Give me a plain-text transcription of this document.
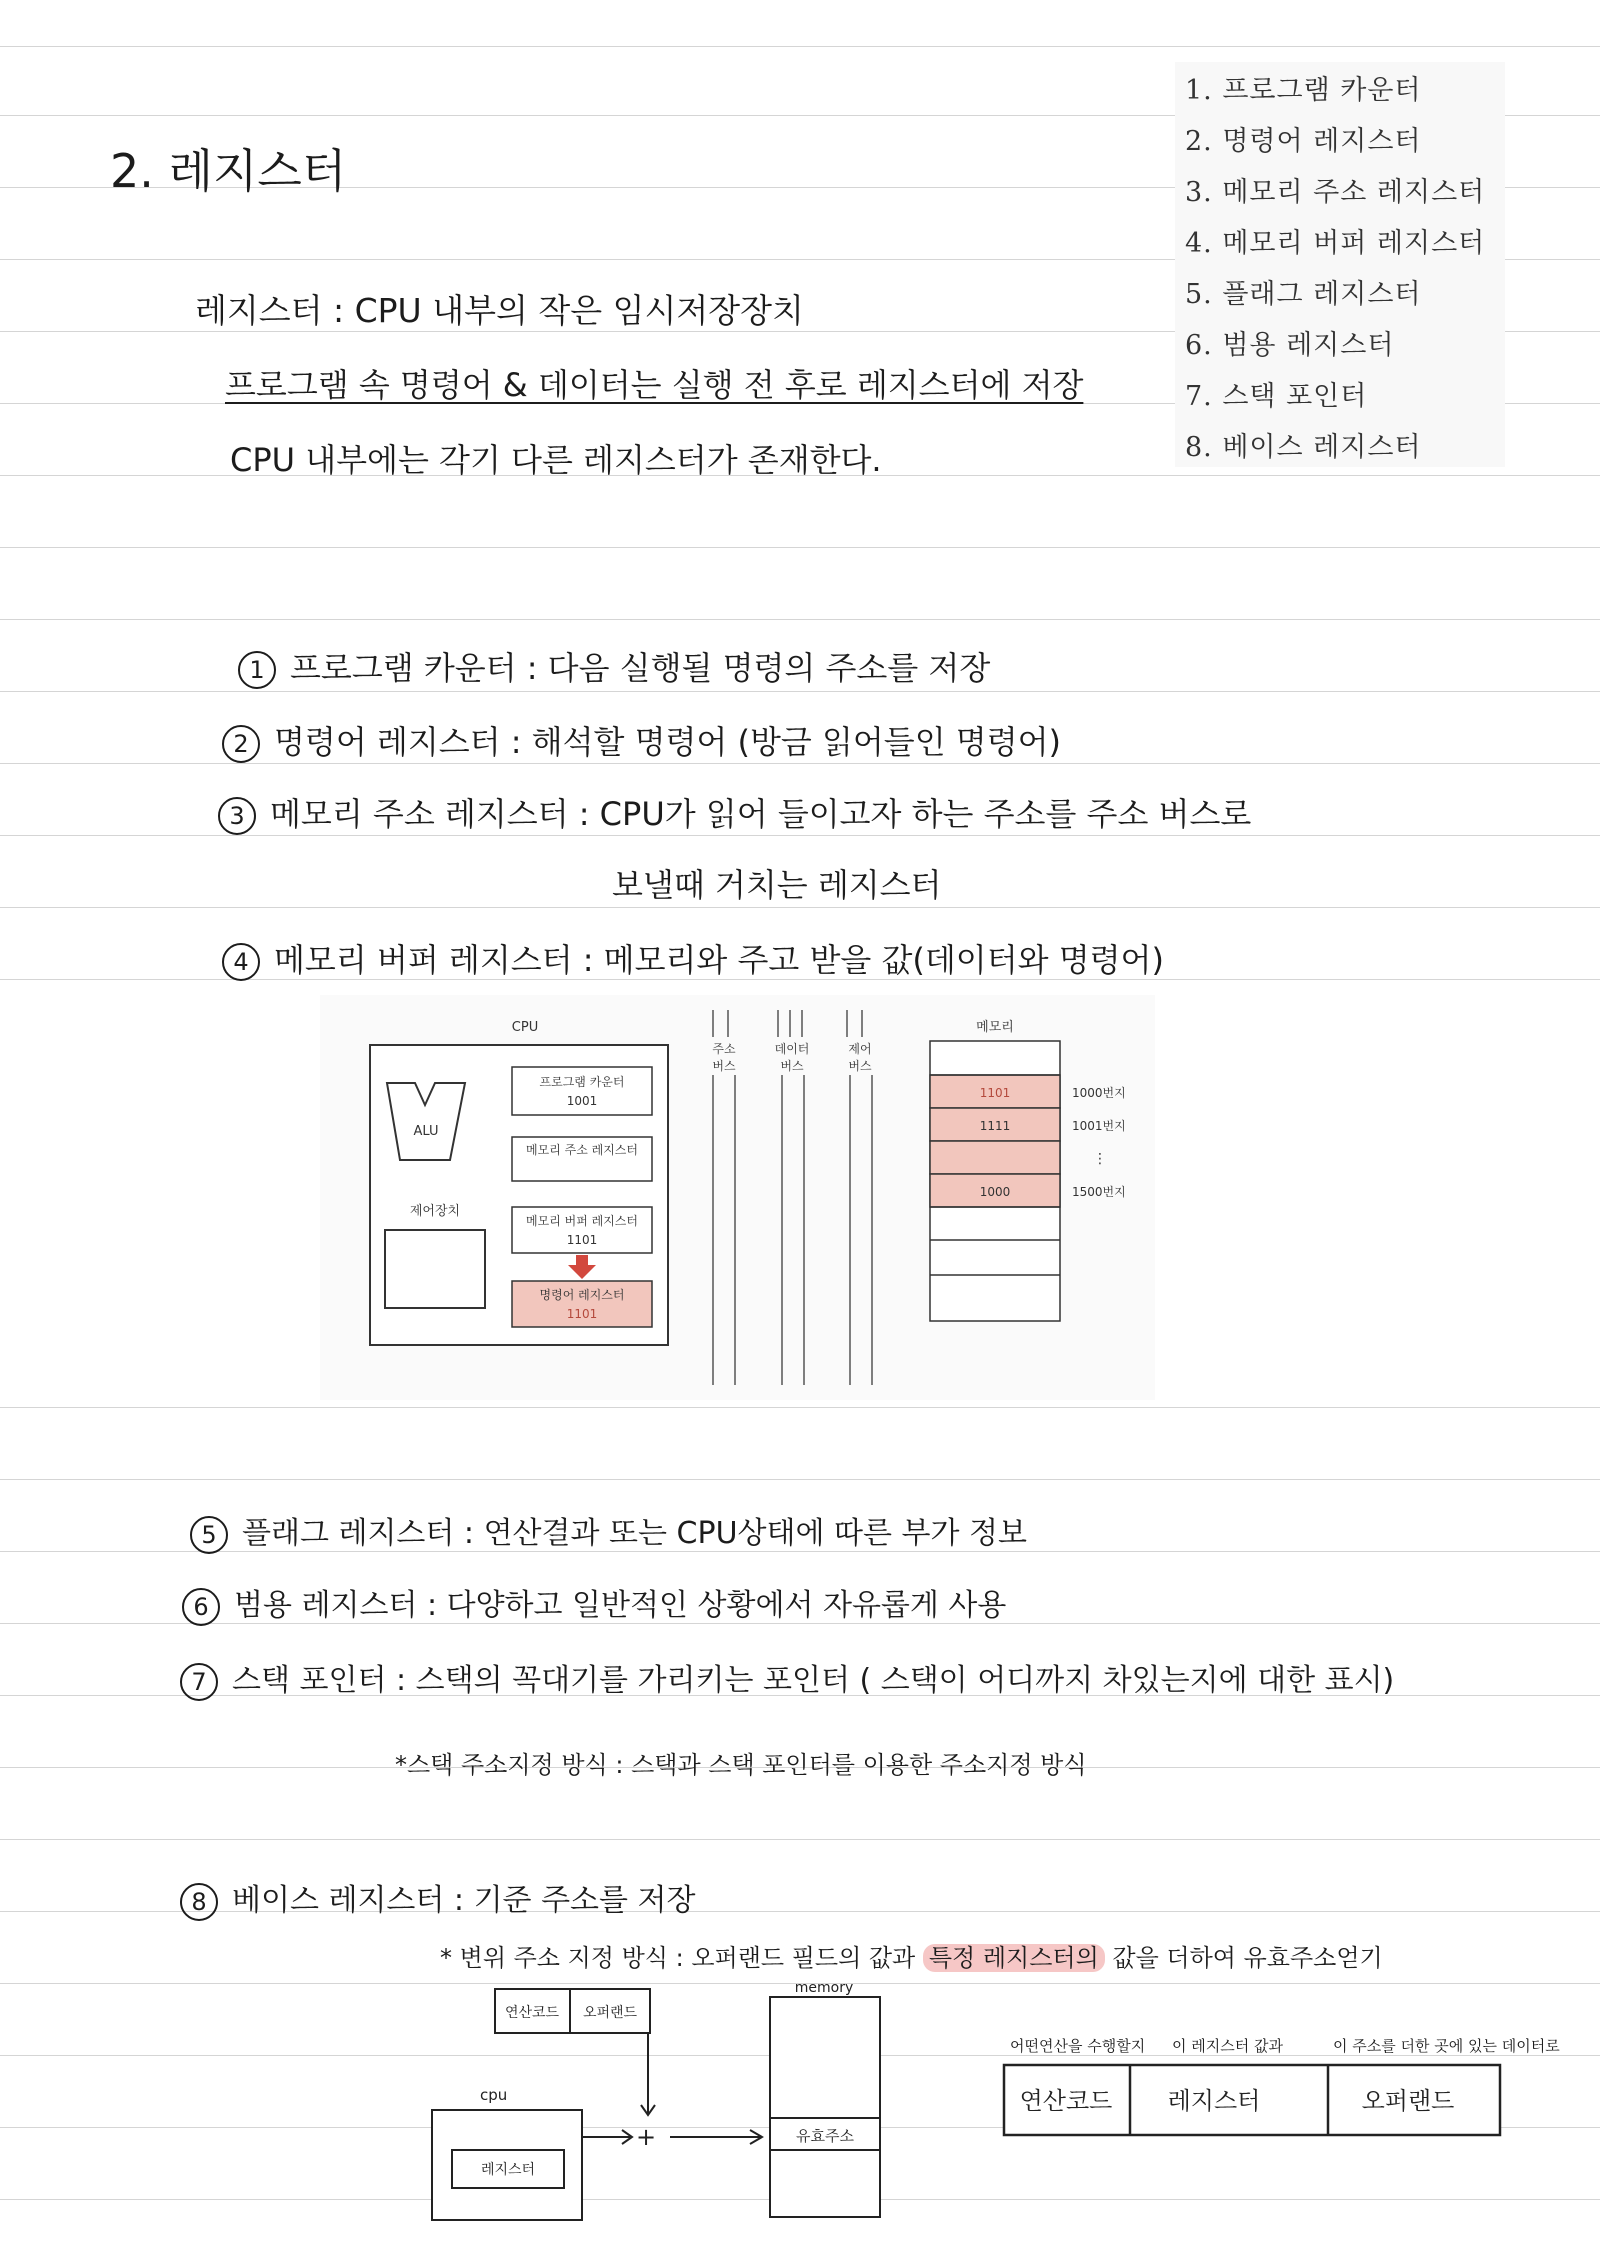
1. 프로그램 카운터
2. 명령어 레지스터
3. 메모리 주소 레지스터
4. 메모리 버퍼 레지스터
5. 플래그 레지스터
6. 범용 레지스터
7. 스택 포인터
8. 베이스 레지스터
2. 레지스터
레지스터 : CPU 내부의 작은 임시저장장치
프로그램 속 명령어 & 데이터는 실행 전 후로 레지스터에 저장
CPU 내부에는 각기 다른 레지스터가 존재한다.
1 프로그램 카운터 : 다음 실행될 명령의 주소를 저장
2 명령어 레지스터 : 해석할 명령어 (방금 읽어들인 명령어)
3 메모리 주소 레지스터 : CPU가 읽어 들이고자 하는 주소를 주소 버스로
보낼때 거치는 레지스터
4 메모리 버퍼 레지스터 : 메모리와 주고 받을 값(데이터와 명령어)
CPU
ALU
제어장치
프로그램 카운터
1001
메모리 주소 레지스터
메모리 버퍼 레지스터
1101
명령어 레지스터
1101
주소
버스
데이터
버스
제어
버스
메모리
1101
1111
1000
1000번지
1001번지
⋮
1500번지
5 플래그 레지스터 : 연산결과 또는 CPU상태에 따른 부가 정보
6 범용 레지스터 : 다양하고 일반적인 상황에서 자유롭게 사용
7 스택 포인터 : 스택의 꼭대기를 가리키는 포인터 ( 스택이 어디까지 차있는지에 대한 표시)
*스택 주소지정 방식 : 스택과 스택 포인터를 이용한 주소지정 방식
8 베이스 레지스터 : 기준 주소를 저장
* 변위 주소 지정 방식 : 오퍼랜드 필드의 값과 특정 레지스터의 값을 더하여 유효주소얻기
연산코드 오퍼랜드
cpu
레지스터
+
memory
유효주소
어떤연산을 수행할지 이 레지스터 값과	이 주소를 더한 곳에 있는 데이터로
연산코드 레지스터	오퍼랜드
